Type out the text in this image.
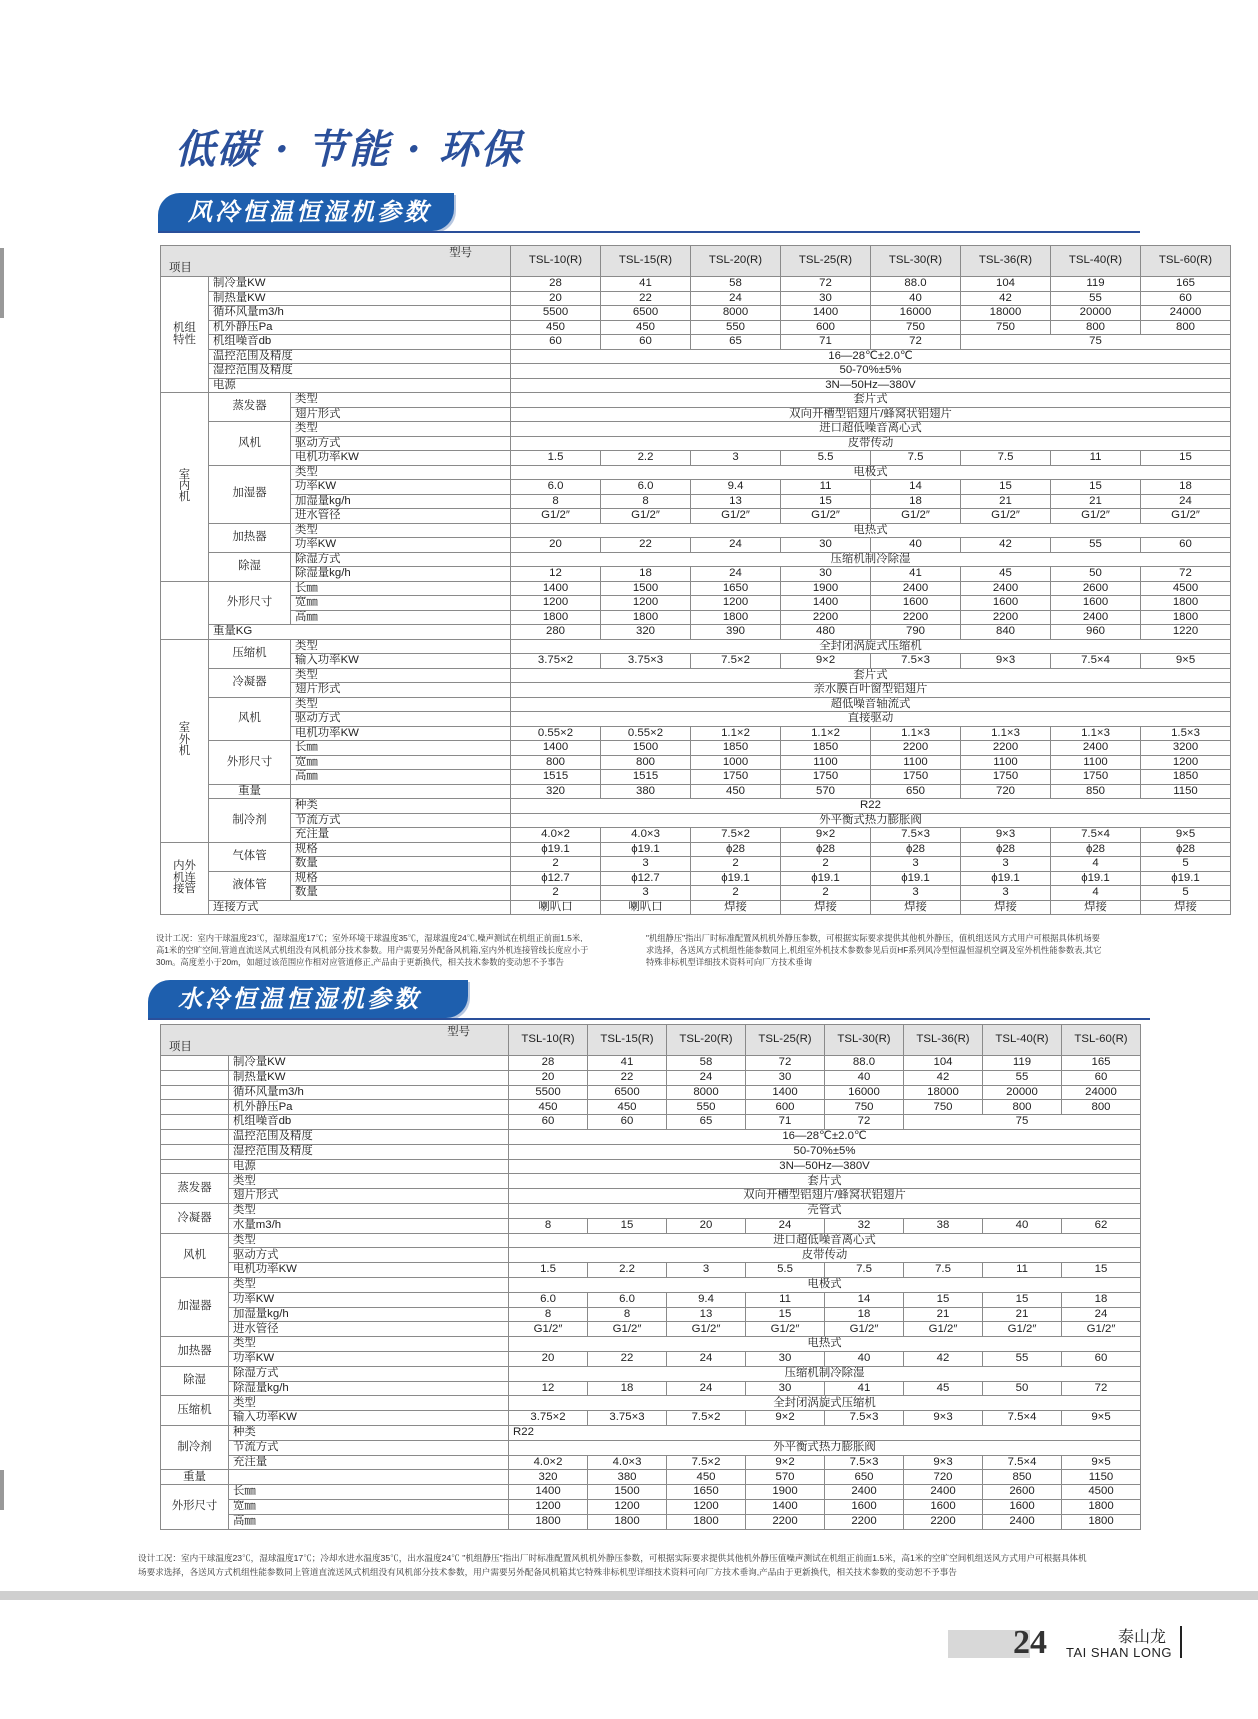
低碳 · 节能 · 环保
风冷恒温恒湿机参数
型号
项目			TSL-10(R)	TSL-15(R)	TSL-20(R)	TSL-25(R)	TSL-30(R)	TSL-36(R)	TSL-40(R)	TSL-60(R)
机组
特性	制冷量KW		28	41	58	72	88.0	104	119	165
	制热量KW		20	22	24	30	40	42	55	60
	循环风量m3/h		5500	6500	8000	1400	16000	18000	20000	24000
	机外静压Pa		450	450	550	600	750	750	800	800
	机组噪音db		60	60	65	71	72	75		
	温控范围及精度		16—28℃±2.0℃							
	湿控范围及精度		50-70%±5%							
	电源		3N—50Hz—380V							
室
内
机	蒸发器	类型	套片式							
		翅片形式	双向开槽型铝翅片/蜂窝状铝翅片							
	风机	类型	进口超低噪音离心式							
		驱动方式	皮带传动							
		电机功率KW	1.5	2.2	3	5.5	7.5	7.5	11	15
	加湿器	类型	电极式							
		功率KW	6.0	6.0	9.4	11	14	15	15	18
		加湿量kg/h	8	8	13	15	18	21	21	24
		进水管径	G1/2″	G1/2″	G1/2″	G1/2″	G1/2″	G1/2″	G1/2″	G1/2″
	加热器	类型	电热式							
		功率KW	20	22	24	30	40	42	55	60
	除湿	除湿方式	压缩机制冷除湿							
		除湿量kg/h	12	18	24	30	41	45	50	72
	外形尺寸	长㎜	1400	1500	1650	1900	2400	2400	2600	4500
		宽㎜	1200	1200	1200	1400	1600	1600	1600	1800
		高㎜	1800	1800	1800	2200	2200	2200	2400	1800
	重量KG		280	320	390	480	790	840	960	1220
室
外
机	压缩机	类型	全封闭涡旋式压缩机							
		输入功率KW	3.75×2	3.75×3	7.5×2	9×2	7.5×3	9×3	7.5×4	9×5
	冷凝器	类型	套片式							
		翅片形式	亲水膜百叶窗型铝翅片							
	风机	类型	超低噪音轴流式							
		驱动方式	直接驱动							
		电机功率KW	0.55×2	0.55×2	1.1×2	1.1×2	1.1×3	1.1×3	1.1×3	1.5×3
	外形尺寸	长㎜	1400	1500	1850	1850	2200	2200	2400	3200
		宽㎜	800	800	1000	1100	1100	1100	1100	1200
		高㎜	1515	1515	1750	1750	1750	1750	1750	1850
	重量		320	380	450	570	650	720	850	1150
	制冷剂	种类	R22							
		节流方式	外平衡式热力膨胀阀							
		充注量	4.0×2	4.0×3	7.5×2	9×2	7.5×3	9×3	7.5×4	9×5
内外
机连
接管	气体管	规格	ϕ19.1	ϕ19.1	ϕ28	ϕ28	ϕ28	ϕ28	ϕ28	ϕ28
		数量	2	3	2	2	3	3	4	5
	液体管	规格	ϕ12.7	ϕ12.7	ϕ19.1	ϕ19.1	ϕ19.1	ϕ19.1	ϕ19.1	ϕ19.1
		数量	2	3	2	2	3	3	4	5
	连接方式		喇叭口	喇叭口	焊接	焊接	焊接	焊接	焊接	焊接
设计工况：室内干球温度23℃，湿球温度17℃；室外环境干球温度35℃，湿球温度24℃,噪声测试在机组正前面1.5米,
高1米的空旷空间,管道直流送风式机组没有风机部分技术参数。用户需要另外配备风机箱,室内外机连接管线长度应小于
30m。高度差小于20m，如超过该范围应作相对应管道修正,产品由于更新换代，相关技术参数的变动恕不予事告
"机组静压"指出厂时标准配置风机机外静压参数，可根据实际要求提供其他机外静压，值机组送风方式用户可根据具体机场要
求选择，各送风方式机组性能参数同上,机组室外机技术参数参见后页HF系列风冷型恒温恒湿机空调及室外机性能参数表,其它
特殊非标机型详细技术资料可向厂方技术垂询
水冷恒温恒湿机参数
型号
项目		TSL-10(R)	TSL-15(R)	TSL-20(R)	TSL-25(R)	TSL-30(R)	TSL-36(R)	TSL-40(R)	TSL-60(R)
	制冷量KW	28	41	58	72	88.0	104	119	165
	制热量KW	20	22	24	30	40	42	55	60
	循环风量m3/h	5500	6500	8000	1400	16000	18000	20000	24000
	机外静压Pa	450	450	550	600	750	750	800	800
	机组噪音db	60	60	65	71	72	75		
	温控范围及精度	16—28℃±2.0℃							
	湿控范围及精度	50-70%±5%							
	电源	3N—50Hz—380V							
蒸发器	类型	套片式							
	翅片形式	双向开槽型铝翅片/蜂窝状铝翅片							
冷凝器	类型	壳管式							
	水量m3/h	8	15	20	24	32	38	40	62
风机	类型	进口超低噪音离心式							
	驱动方式	皮带传动							
	电机功率KW	1.5	2.2	3	5.5	7.5	7.5	11	15
加湿器	类型	电极式							
	功率KW	6.0	6.0	9.4	11	14	15	15	18
	加湿量kg/h	8	8	13	15	18	21	21	24
	进水管径	G1/2″	G1/2″	G1/2″	G1/2″	G1/2″	G1/2″	G1/2″	G1/2″
加热器	类型	电热式							
	功率KW	20	22	24	30	40	42	55	60
除湿	除湿方式	压缩机制冷除湿							
	除湿量kg/h	12	18	24	30	41	45	50	72
压缩机	类型	全封闭涡旋式压缩机							
	输入功率KW	3.75×2	3.75×3	7.5×2	9×2	7.5×3	9×3	7.5×4	9×5
制冷剂	种类	R22							
	节流方式	外平衡式热力膨胀阀							
	充注量	4.0×2	4.0×3	7.5×2	9×2	7.5×3	9×3	7.5×4	9×5
重量		320	380	450	570	650	720	850	1150
外形尺寸	长㎜	1400	1500	1650	1900	2400	2400	2600	4500
	宽㎜	1200	1200	1200	1400	1600	1600	1600	1800
	高㎜	1800	1800	1800	2200	2200	2200	2400	1800
设计工况：室内干球温度23℃，湿球温度17℃；冷却水进水温度35℃，出水温度24℃ "机组静压"指出厂时标准配置风机机外静压参数，可根据实际要求提供其他机外静压值噪声测试在机组正前面1.5米，高1米的空旷空间机组送风方式用户可根据具体机
场要求选择，各送风方式机组性能参数同上管道直流送风式机组没有风机部分技术参数，用户需要另外配备风机箱其它特殊非标机型详细技术资料可向厂方技术垂询,产品由于更新换代，相关技术参数的变动恕不予事告
24	泰山龙
TAI SHAN LONG
